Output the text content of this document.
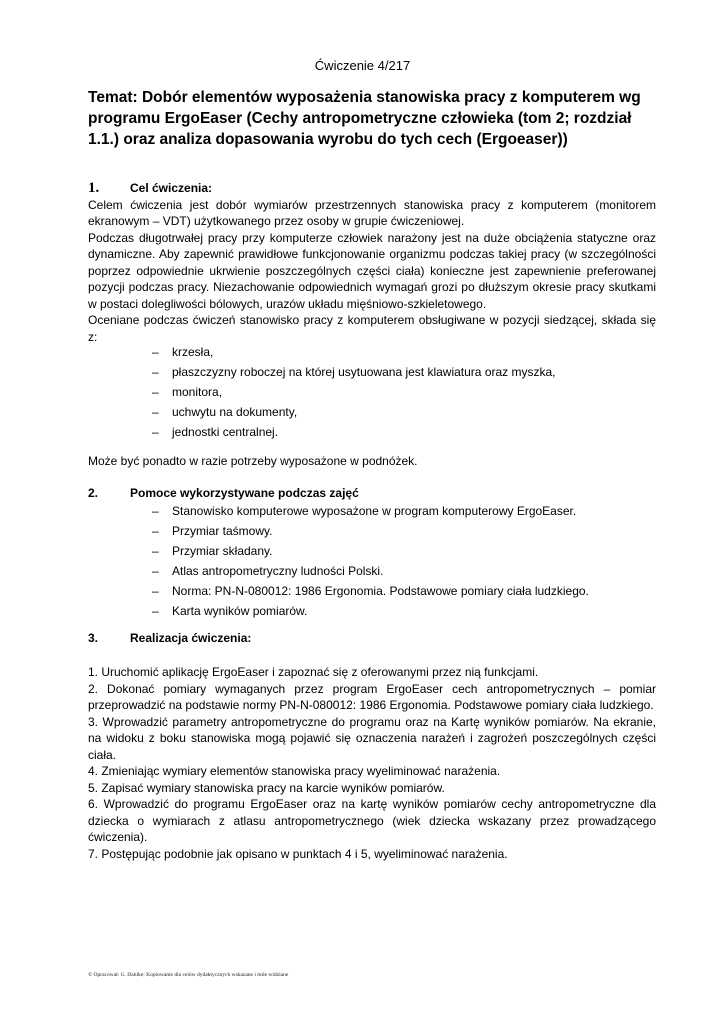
Ćwiczenie 4/217
Temat: Dobór elementów wyposażenia stanowiska pracy z komputerem wg programu ErgoEaser (Cechy antropometryczne człowieka (tom 2; rozdział 1.1.) oraz analiza dopasowania wyrobu do tych cech (Ergoeaser))
1.	Cel ćwiczenia:

Celem ćwiczenia jest dobór wymiarów przestrzennych stanowiska pracy z komputerem (monitorem ekranowym – VDT) użytkowanego przez osoby w grupie ćwiczeniowej.

Podczas długotrwałej pracy przy komputerze człowiek narażony jest na duże obciążenia statyczne oraz dynamiczne. Aby zapewnić prawidłowe funkcjonowanie organizmu podczas takiej pracy (w szczególności poprzez odpowiednie ukrwienie poszczególnych części ciała) konieczne jest zapewnienie preferowanej pozycji podczas pracy. Niezachowanie odpowiednich wymagań grozi po dłuższym okresie pracy skutkami w postaci dolegliwości bólowych, urazów układu mięśniowo-szkieletowego.

Oceniane podczas ćwiczeń stanowisko pracy z komputerem obsługiwane w pozycji siedzącej, składa się z:

–	krzesła,
–	płaszczyzny roboczej na której usytuowana jest klawiatura oraz myszka,
–	monitora,
–	uchwytu na dokumenty,
–	jednostki centralnej.
Może być ponadto w razie potrzeby wyposażone w podnóżek.
2.	Pomoce wykorzystywane podczas zajęć
–	Stanowisko komputerowe wyposażone w program komputerowy ErgoEaser.
–	Przymiar taśmowy.
–	Przymiar składany.
–	Atlas antropometryczny ludności Polski.
–	Norma: PN-N-080012: 1986 Ergonomia. Podstawowe pomiary ciała ludzkiego.
–	Karta wyników pomiarów.
3.	Realizacja ćwiczenia:

1. Uruchomić aplikację ErgoEaser i zapoznać się z oferowanymi przez nią funkcjami.

2. Dokonać pomiary wymaganych przez program ErgoEaser cech antropometrycznych – pomiar przeprowadzić na podstawie normy PN-N-080012: 1986 Ergonomia. Podstawowe pomiary ciała ludzkiego.

3. Wprowadzić parametry antropometryczne do programu oraz na Kartę wyników pomiarów. Na ekranie, na widoku z boku stanowiska mogą pojawić się oznaczenia narażeń i zagrożeń poszczególnych części ciała.

4. Zmieniając wymiary elementów stanowiska pracy wyeliminować narażenia.

5. Zapisać wymiary stanowiska pracy na karcie wyników pomiarów.

6. Wprowadzić do programu ErgoEaser oraz na kartę wyników pomiarów cechy antropometryczne dla dziecka o wymiarach z atlasu antropometrycznego (wiek dziecka wskazany przez prowadzącego ćwiczenia).

7. Postępując podobnie jak opisano w punktach 4 i 5, wyeliminować narażenia.

© Opracował: G. Dahlke; Kopiowanie dla celów dydaktycznych wskazane i mile widziane
